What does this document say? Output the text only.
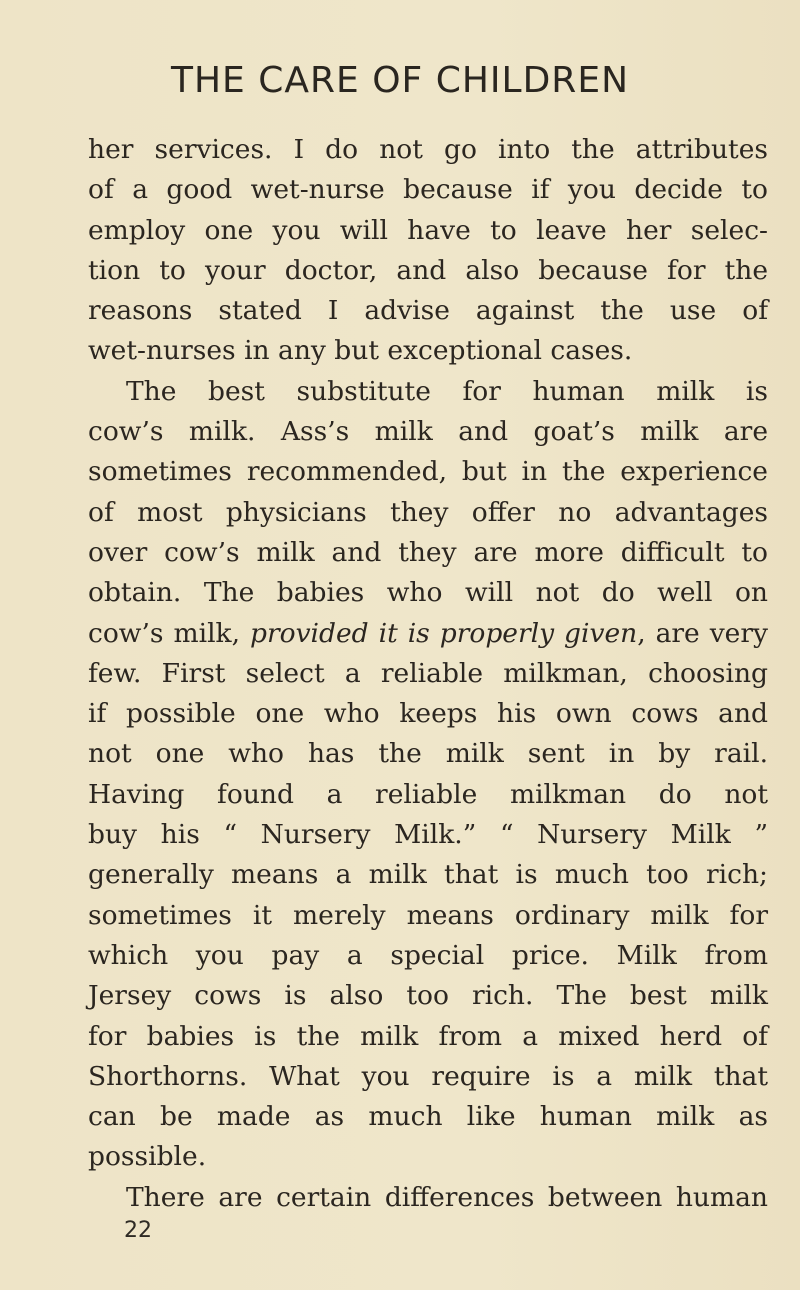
THE CARE OF CHILDREN
her services. I do not go into the attributes
of a good wet-nurse because if you decide to
employ one you will have to leave her selec-
tion to your doctor, and also because for the
reasons stated I advise against the use of
wet-nurses in any but exceptional cases.
The best substitute for human milk is
cow’s milk. Ass’s milk and goat’s milk are
sometimes recommended, but in the experience
of most physicians they offer no advantages
over cow’s milk and they are more difficult to
obtain. The babies who will not do well on
cow’s milk, provided it is properly given, are very
few. First select a reliable milkman, choosing
if possible one who keeps his own cows and
not one who has the milk sent in by rail.
Having found a reliable milkman do not
buy his “ Nursery Milk.” “ Nursery Milk ”
generally means a milk that is much too rich;
sometimes it merely means ordinary milk for
which you pay a special price. Milk from
Jersey cows is also too rich. The best milk
for babies is the milk from a mixed herd of
Shorthorns. What you require is a milk that
can be made as much like human milk as
possible.
There are certain differences between human
22
